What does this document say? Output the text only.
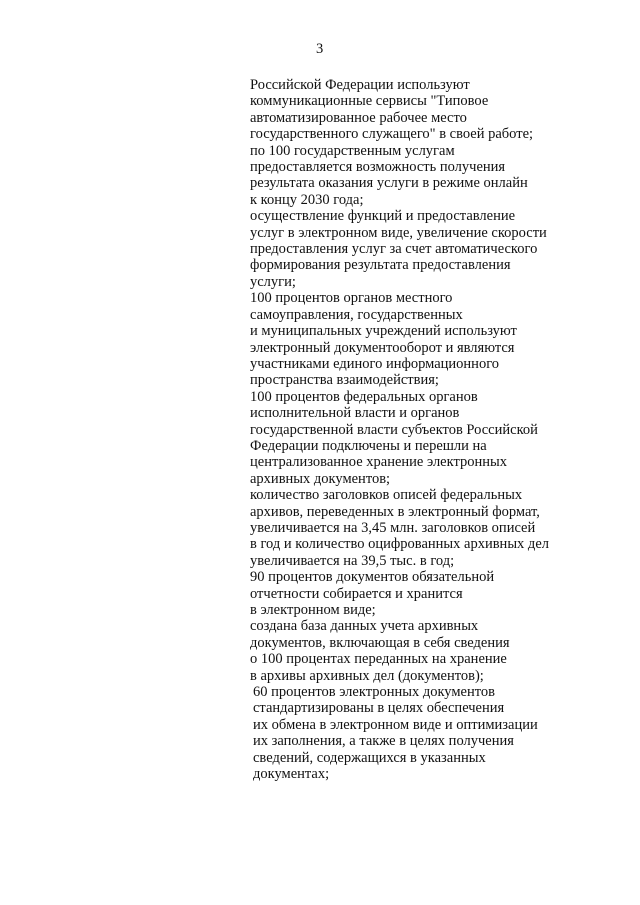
3
Российской Федерации используют
коммуникационные сервисы "Типовое
автоматизированное рабочее место
государственного служащего" в своей работе;
по 100 государственным услугам
предоставляется возможность получения
результата оказания услуги в режиме онлайн
к концу 2030 года;
осуществление функций и предоставление
услуг в электронном виде, увеличение скорости
предоставления услуг за счет автоматического
формирования результата предоставления
услуги;
100 процентов органов местного
самоуправления, государственных
и муниципальных учреждений используют
электронный документооборот и являются
участниками единого информационного
пространства взаимодействия;
100 процентов федеральных органов
исполнительной власти и органов
государственной власти субъектов Российской
Федерации подключены и перешли на
централизованное хранение электронных
архивных документов;
количество заголовков описей федеральных
архивов, переведенных в электронный формат,
увеличивается на 3,45 млн. заголовков описей
в год и количество оцифрованных архивных дел
увеличивается на 39,5 тыс. в год;
90 процентов документов обязательной
отчетности собирается и хранится
в электронном виде;
создана база данных учета архивных
документов, включающая в себя сведения
о 100 процентах переданных на хранение
в архивы архивных дел (документов);
60 процентов электронных документов
стандартизированы в целях обеспечения
их обмена в электронном виде и оптимизации
их заполнения, а также в целях получения
сведений, содержащихся в указанных
документах;
